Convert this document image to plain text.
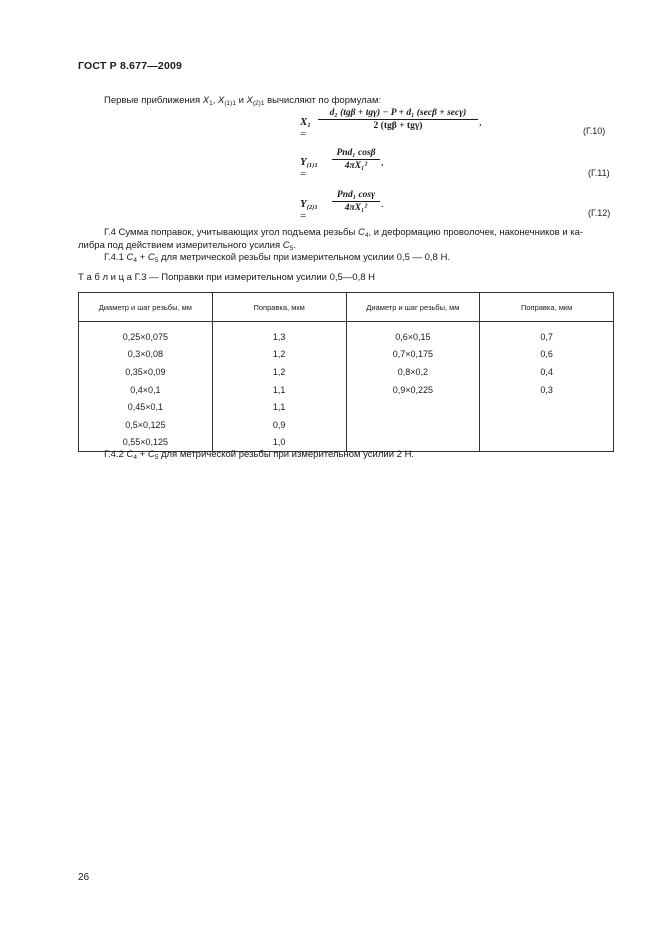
ГОСТ Р 8.677—2009
Первые приближения $X_1$, $X_{(1)1}$ и $X_{(2)1}$ вычисляют по формулам:
$X_1$ =
d₂ (tgβ + tgγ) − P + d₁ (secβ + secγ)
2 (tgβ + tgγ)	,
(Г.10)
$Y_{(1)1}$ =
Pnd₁ cosβ
4πX₁²	,
(Г.11)
$Y_{(2)1}$ =
Pnd₁ cosγ
4πX₁²	.
(Г.12)
Г.4 Сумма поправок, учитывающих угол подъема резьбы $C_4$, и деформацию проволочек, наконечников и ка-
либра под действием измерительного усилия $C_5$.
Г.4.1 $C_4 + C_5$ для метрической резьбы при измерительном усилии 0,5 — 0,8 Н.
Т а б л и ц а Г.3 — Поправки при измерительном усилии 0,5—0,8 Н
Диаметр и шаг резьбы, мм	Поправка, мкм	Диаметр и шаг резьбы, мм	Поправка, мкм
0,25×0,075	1,3	0,6×0,15	0,7
0,3×0,08	1,2	0,7×0,175	0,6
0,35×0,09	1,2	0,8×0,2	0,4
0,4×0,1	1,1	0,9×0,225	0,3
0,45×0,1	1,1		
0,5×0,125	0,9		
0,55×0,125	1,0		
Г.4.2 $C_4 + C_5$ для метрической резьбы при измерительном усилии 2 Н.
26
